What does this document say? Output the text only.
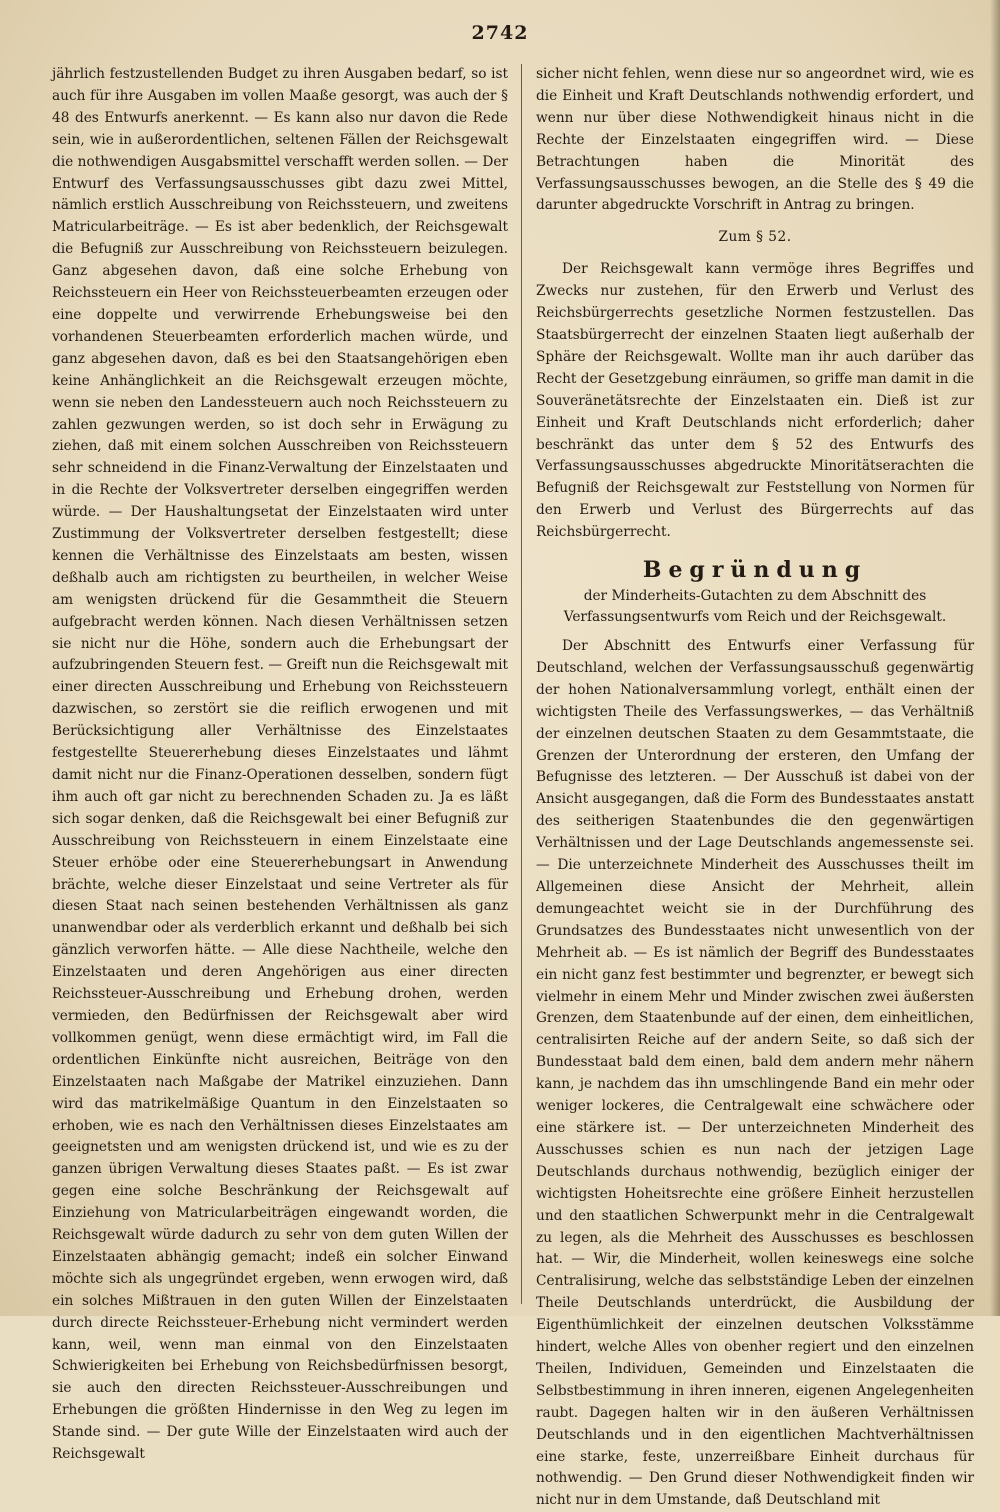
2742

jährlich festzustellenden Budget zu ihren Ausgaben bedarf, so ist auch für ihre Ausgaben im vollen Maaße gesorgt, was auch der § 48 des Entwurfs anerkennt. — Es kann also nur davon die Rede sein, wie in außerordentlichen, seltenen Fällen der Reichsgewalt die nothwendigen Ausgabsmittel verschafft werden sollen. — Der Entwurf des Verfassungsausschusses gibt dazu zwei Mittel, nämlich erstlich Ausschreibung von Reichssteuern, und zweitens Matricularbeiträge. — Es ist aber bedenklich, der Reichsgewalt die Befugniß zur Ausschreibung von Reichssteuern beizulegen. Ganz abgesehen davon, daß eine solche Erhebung von Reichssteuern ein Heer von Reichssteuerbeamten erzeugen oder eine doppelte und verwirrende Erhebungsweise bei den vorhandenen Steuerbeamten erforderlich machen würde, und ganz abgesehen davon, daß es bei den Staatsangehörigen eben keine Anhänglichkeit an die Reichsgewalt erzeugen möchte, wenn sie neben den Landessteuern auch noch Reichssteuern zu zahlen gezwungen werden, so ist doch sehr in Erwägung zu ziehen, daß mit einem solchen Ausschreiben von Reichssteuern sehr schneidend in die Finanz-Verwaltung der Einzelstaaten und in die Rechte der Volksvertreter derselben eingegriffen werden würde. — Der Haushaltungsetat der Einzelstaaten wird unter Zustimmung der Volksvertreter derselben festgestellt; diese kennen die Verhältnisse des Einzelstaats am besten, wissen deßhalb auch am richtigsten zu beurtheilen, in welcher Weise am wenigsten drückend für die Gesammtheit die Steuern aufgebracht werden können. Nach diesen Verhältnissen setzen sie nicht nur die Höhe, sondern auch die Erhebungsart der aufzubringenden Steuern fest. — Greift nun die Reichsgewalt mit einer directen Ausschreibung und Erhebung von Reichssteuern dazwischen, so zerstört sie die reiflich erwogenen und mit Berücksichtigung aller Verhältnisse des Einzelstaates festgestellte Steuererhebung dieses Einzelstaates und lähmt damit nicht nur die Finanz-Operationen desselben, sondern fügt ihm auch oft gar nicht zu berechnenden Schaden zu. Ja es läßt sich sogar denken, daß die Reichsgewalt bei einer Befugniß zur Ausschreibung von Reichssteuern in einem Einzelstaate eine Steuer erhöbe oder eine Steuererhebungsart in Anwendung brächte, welche dieser Einzelstaat und seine Vertreter als für diesen Staat nach seinen bestehenden Verhältnissen als ganz unanwendbar oder als verderblich erkannt und deßhalb bei sich gänzlich verworfen hätte. — Alle diese Nachtheile, welche den Einzelstaaten und deren Angehörigen aus einer directen Reichssteuer-Ausschreibung und Erhebung drohen, werden vermieden, den Bedürfnissen der Reichsgewalt aber wird vollkommen genügt, wenn diese ermächtigt wird, im Fall die ordentlichen Einkünfte nicht ausreichen, Beiträge von den Einzelstaaten nach Maßgabe der Matrikel einzuziehen. Dann wird das matrikelmäßige Quantum in den Einzelstaaten so erhoben, wie es nach den Verhältnissen dieses Einzelstaates am geeignetsten und am wenigsten drückend ist, und wie es zu der ganzen übrigen Verwaltung dieses Staates paßt. — Es ist zwar gegen eine solche Beschränkung der Reichsgewalt auf Einziehung von Matricularbeiträgen eingewandt worden, die Reichsgewalt würde dadurch zu sehr von dem guten Willen der Einzelstaaten abhängig gemacht; indeß ein solcher Einwand möchte sich als ungegründet ergeben, wenn erwogen wird, daß ein solches Mißtrauen in den guten Willen der Einzelstaaten durch directe Reichssteuer-Erhebung nicht vermindert werden kann, weil, wenn man einmal von den Einzelstaaten Schwierigkeiten bei Erhebung von Reichsbedürfnissen besorgt, sie auch den directen Reichssteuer-Ausschreibungen und Erhebungen die größten Hindernisse in den Weg zu legen im Stande sind. — Der gute Wille der Einzelstaaten wird auch der Reichsgewalt

sicher nicht fehlen, wenn diese nur so angeordnet wird, wie es die Einheit und Kraft Deutschlands nothwendig erfordert, und wenn nur über diese Nothwendigkeit hinaus nicht in die Rechte der Einzelstaaten eingegriffen wird. — Diese Betrachtungen haben die Minorität des Verfassungsausschusses bewogen, an die Stelle des § 49 die darunter abgedruckte Vorschrift in Antrag zu bringen.

Zum § 52.

Der Reichsgewalt kann vermöge ihres Begriffes und Zwecks nur zustehen, für den Erwerb und Verlust des Reichsbürgerrechts gesetzliche Normen festzustellen. Das Staatsbürgerrecht der einzelnen Staaten liegt außerhalb der Sphäre der Reichsgewalt. Wollte man ihr auch darüber das Recht der Gesetzgebung einräumen, so griffe man damit in die Souveränetätsrechte der Einzelstaaten ein. Dieß ist zur Einheit und Kraft Deutschlands nicht erforderlich; daher beschränkt das unter dem § 52 des Entwurfs des Verfassungsausschusses abgedruckte Minoritätserachten die Befugniß der Reichsgewalt zur Feststellung von Normen für den Erwerb und Verlust des Bürgerrechts auf das Reichsbürgerrecht.

Begründung

der Minderheits-Gutachten zu dem Abschnitt des Verfassungsentwurfs vom Reich und der Reichsgewalt.

Der Abschnitt des Entwurfs einer Verfassung für Deutschland, welchen der Verfassungsausschuß gegenwärtig der hohen Nationalversammlung vorlegt, enthält einen der wichtigsten Theile des Verfassungswerkes, — das Verhältniß der einzelnen deutschen Staaten zu dem Gesammtstaate, die Grenzen der Unterordnung der ersteren, den Umfang der Befugnisse des letzteren. — Der Ausschuß ist dabei von der Ansicht ausgegangen, daß die Form des Bundesstaates anstatt des seitherigen Staatenbundes die den gegenwärtigen Verhältnissen und der Lage Deutschlands angemessenste sei. — Die unterzeichnete Minderheit des Ausschusses theilt im Allgemeinen diese Ansicht der Mehrheit, allein demungeachtet weicht sie in der Durchführung des Grundsatzes des Bundesstaates nicht unwesentlich von der Mehrheit ab. — Es ist nämlich der Begriff des Bundesstaates ein nicht ganz fest bestimmter und begrenzter, er bewegt sich vielmehr in einem Mehr und Minder zwischen zwei äußersten Grenzen, dem Staatenbunde auf der einen, dem einheitlichen, centralisirten Reiche auf der andern Seite, so daß sich der Bundesstaat bald dem einen, bald dem andern mehr nähern kann, je nachdem das ihn umschlingende Band ein mehr oder weniger lockeres, die Centralgewalt eine schwächere oder eine stärkere ist. — Der unterzeichneten Minderheit des Ausschusses schien es nun nach der jetzigen Lage Deutschlands durchaus nothwendig, bezüglich einiger der wichtigsten Hoheitsrechte eine größere Einheit herzustellen und den staatlichen Schwerpunkt mehr in die Centralgewalt zu legen, als die Mehrheit des Ausschusses es beschlossen hat. — Wir, die Minderheit, wollen keineswegs eine solche Centralisirung, welche das selbstständige Leben der einzelnen Theile Deutschlands unterdrückt, die Ausbildung der Eigenthümlichkeit der einzelnen deutschen Volksstämme hindert, welche Alles von obenher regiert und den einzelnen Theilen, Individuen, Gemeinden und Einzelstaaten die Selbstbestimmung in ihren inneren, eigenen Angelegenheiten raubt. Dagegen halten wir in den äußeren Verhältnissen Deutschlands und in den eigentlichen Machtverhältnissen eine starke, feste, unzerreißbare Einheit durchaus für nothwendig. — Den Grund dieser Nothwendigkeit finden wir nicht nur in dem Umstande, daß Deutschland mit
